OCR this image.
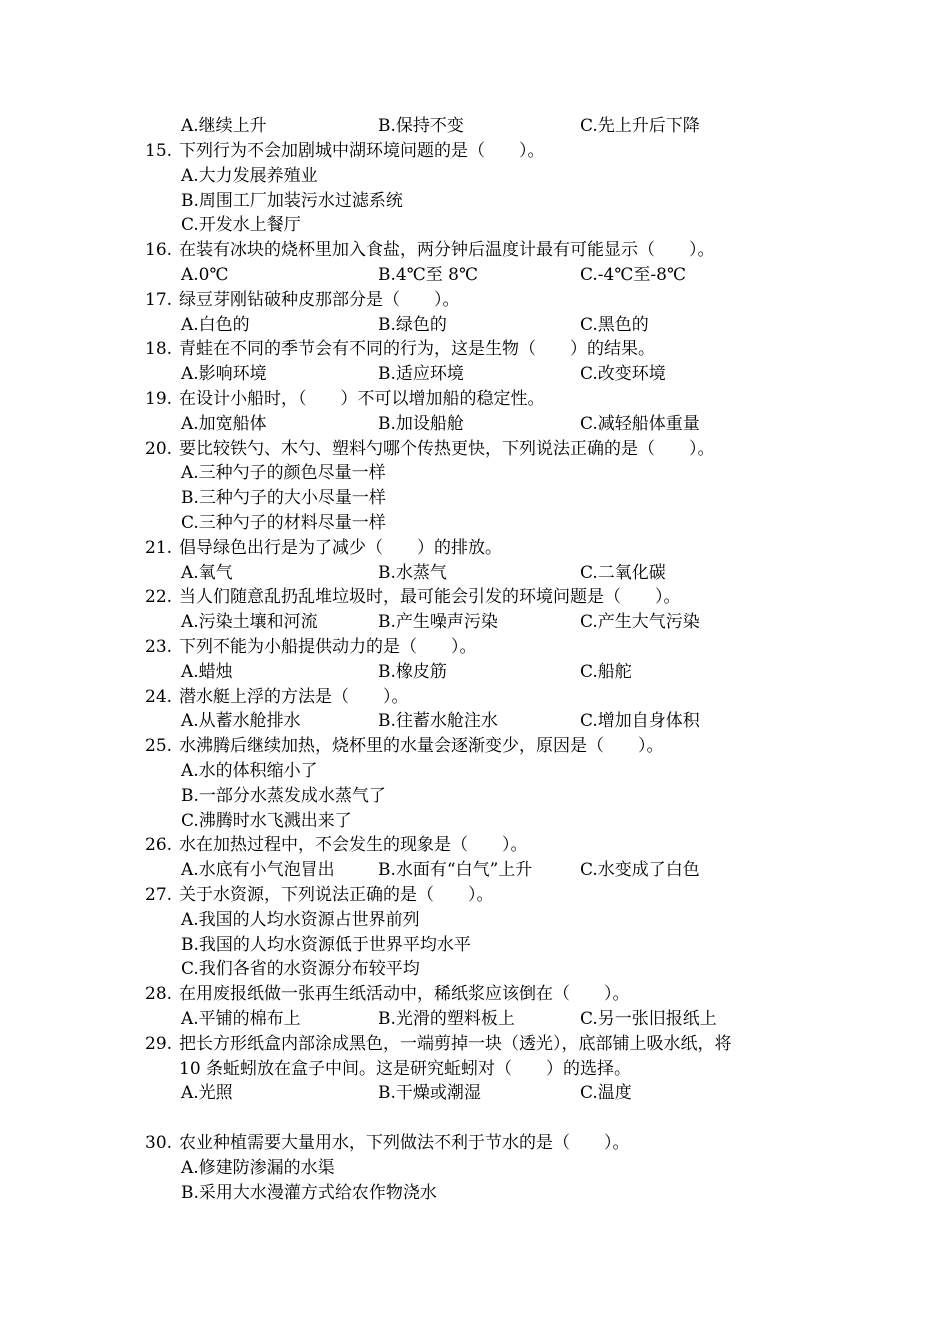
A.继续上升	B.保持不变	C.先上升后下降
15. 下列行为不会加剧城中湖环境问题的是（　　）。
A.大力发展养殖业
B.周围工厂加装污水过滤系统
C.开发水上餐厅
16. 在装有冰块的烧杯里加入食盐，两分钟后温度计最有可能显示（　　）。
A.0℃	B.4℃至 8℃	C.-4℃至-8℃
17. 绿豆芽刚钻破种皮那部分是（　　）。
A.白色的	B.绿色的	C.黑色的
18. 青蛙在不同的季节会有不同的行为，这是生物（　　）的结果。
A.影响环境	B.适应环境	C.改变环境
19. 在设计小船时，（　　）不可以增加船的稳定性。
A.加宽船体	B.加设船舱	C.减轻船体重量
20. 要比较铁勺、木勺、塑料勺哪个传热更快，下列说法正确的是（　　）。
A.三种勺子的颜色尽量一样
B.三种勺子的大小尽量一样
C.三种勺子的材料尽量一样
21. 倡导绿色出行是为了减少（　　）的排放。
A.氧气	B.水蒸气	C.二氧化碳
22. 当人们随意乱扔乱堆垃圾时，最可能会引发的环境问题是（　　）。
A.污染土壤和河流	B.产生噪声污染	C.产生大气污染
23. 下列不能为小船提供动力的是（　　）。
A.蜡烛	B.橡皮筋	C.船舵
24. 潜水艇上浮的方法是（　　）。
A.从蓄水舱排水	B.往蓄水舱注水	C.增加自身体积
25. 水沸腾后继续加热，烧杯里的水量会逐渐变少，原因是（　　）。
A.水的体积缩小了
B.一部分水蒸发成水蒸气了
C.沸腾时水飞溅出来了
26. 水在加热过程中，不会发生的现象是（　　）。
A.水底有小气泡冒出	B.水面有“白气”上升	C.水变成了白色
27. 关于水资源，下列说法正确的是（　　）。
A.我国的人均水资源占世界前列
B.我国的人均水资源低于世界平均水平
C.我们各省的水资源分布较平均
28. 在用废报纸做一张再生纸活动中，稀纸浆应该倒在（　　）。
A.平铺的棉布上	B.光滑的塑料板上	C.另一张旧报纸上
29. 把长方形纸盒内部涂成黑色，一端剪掉一块（透光），底部铺上吸水纸，将
10 条蚯蚓放在盒子中间。这是研究蚯蚓对（　　）的选择。
A.光照	B.干燥或潮湿	C.温度
30. 农业种植需要大量用水，下列做法不利于节水的是（　　）。
A.修建防渗漏的水渠
B.采用大水漫灌方式给农作物浇水
